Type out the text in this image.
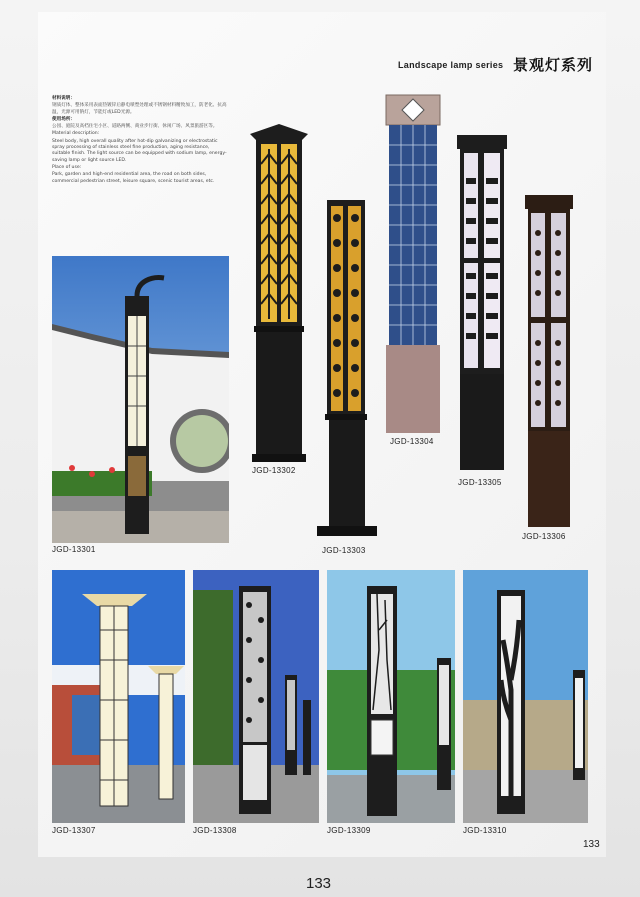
Landscape lamp series 景观灯系列

材料说明：

钢质灯体、整体采用表面热镀锌后静电喷塑处理或不锈钢材料精致加工，防老化、抗高温，光源可用钠灯，节能灯或LED光源。

使用场所：

公园、庭院及高档住宅小区、道路两侧、商业步行街、休闲广场、风景旅游区等。

Material description:

Steel body, high overall quality after hot-dip galvanizing or electrostatic spray processing of stainless steel fine production, aging resistance, suitable finish. The light source can be equipped with sodium lamp, energy-saving lamp or light source LED.

Place of use:

Park, garden and high-end residential area, the road on both sides, commercial pedestrian street, leisure square, scenic tourist areas, etc.

JGD-13301
JGD-13302
JGD-13303
JGD-13304
JGD-13305
JGD-13306
JGD-13307	JGD-13308	JGD-13309	JGD-13310
133
133
